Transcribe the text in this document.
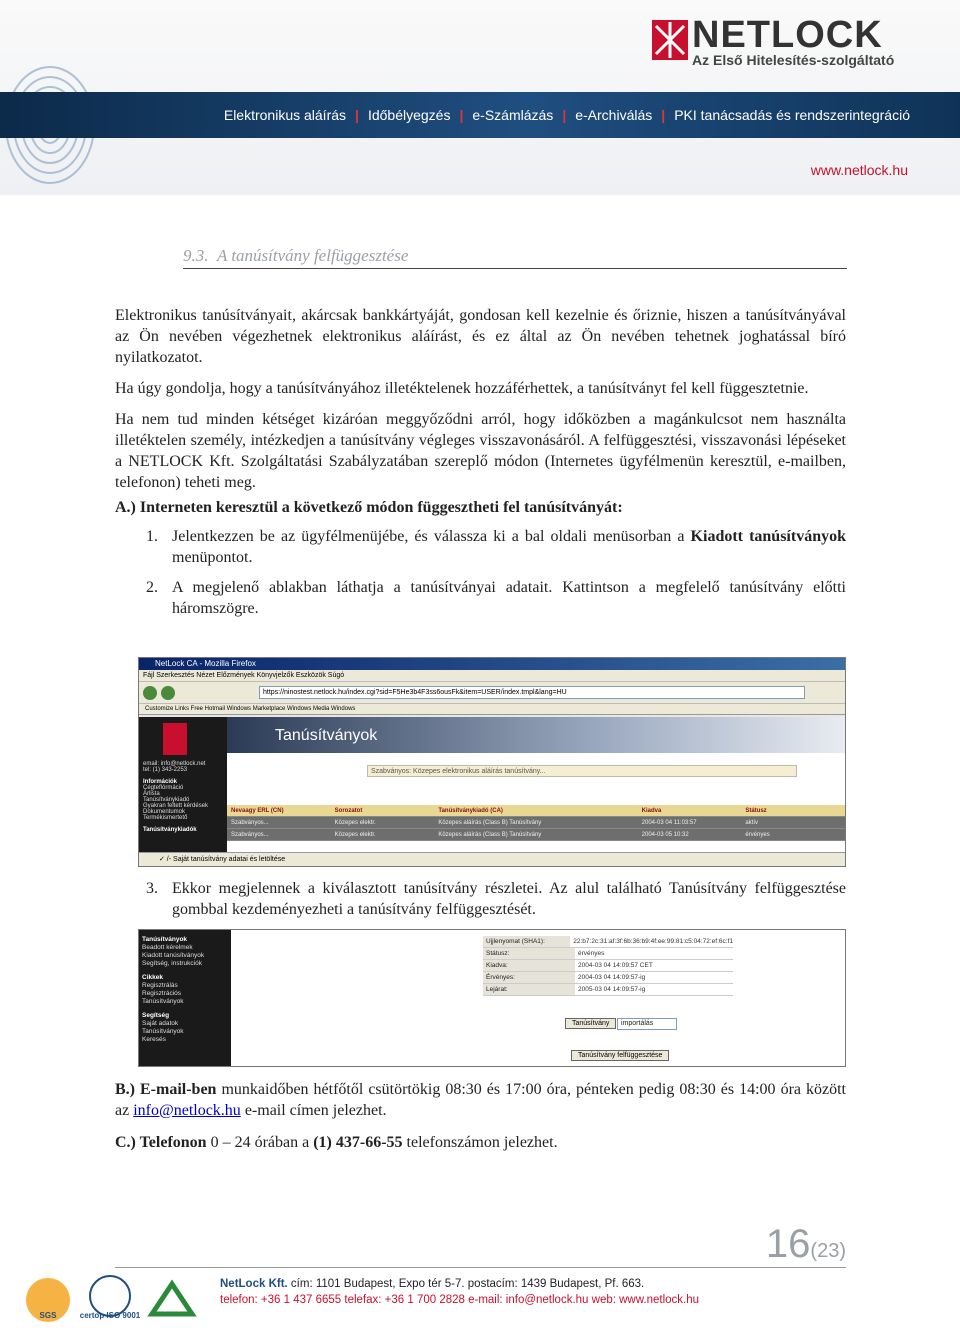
NETLOCK
Az Első Hitelesítés-szolgáltató
Elektronikus aláírás | Időbélyegzés | e-Számlázás | e-Archiválás | PKI tanácsadás és rendszerintegráció
www.netlock.hu
9.3. A tanúsítvány felfüggesztése

Elektronikus tanúsítványait, akárcsak bankkártyáját, gondosan kell kezelnie és őriznie, hiszen a tanúsítványával az Ön nevében végezhetnek elektronikus aláírást, és ez által az Ön nevében tehetnek joghatással bíró nyilatkozatot.

Ha úgy gondolja, hogy a tanúsítványához illetéktelenek hozzáférhettek, a tanúsítványt fel kell függesztetnie.

Ha nem tud minden kétséget kizáróan meggyőződni arról, hogy időközben a magánkulcsot nem használta illetéktelen személy, intézkedjen a tanúsítvány végleges visszavonásáról. A felfüggesztési, visszavonási lépéseket a NETLOCK Kft. Szolgáltatási Szabályzatában szereplő módon (Internetes ügyfélmenün keresztül, e-mailben, telefonon) teheti meg.

A.) Interneten keresztül a következő módon függesztheti fel tanúsítványát:
1. Jelentkezzen be az ügyfélmenüjébe, és válassza ki a bal oldali menüsorban a Kiadott tanúsítványok menüpontot.
2. A megjelenő ablakban láthatja a tanúsítványai adatait. Kattintson a megfelelő tanúsítvány előtti háromszögre.
NetLock CA - Mozilla Firefox
Fájl Szerkesztés Nézet Előzmények Könyvjelzők Eszközök Súgó
https://ninostest.netlock.hu/index.cgi?sid=F5He3b4F3ss6ousFk&item=USER/index.tmpl&lang=HU
Customize Links Free Hotmail Windows Marketplace Windows Media Windows
email: info@netlock.net
tel: (1) 343-2253
Információk
Cégteflórmáció
Árlista
Tanúsítványkiadó
Gyakran feltett kérdések
Dokumentumok
Termékismertető
Tanúsítványkiadók
Tanúsítványok
Szabványos: Közepes elektronikus aláírás tanúsítvány...
Nevaagy ERL (CN)	Sorozatot	Tanúsítványkiadó (CA)	Kiadva	Státusz
Szabványos...	Közepes elektr.	Közepes aláírás (Class B) Tanúsítvány	2004-03 04 11:03:57	aktív
Szabványos...	Közepes elektr.	Közepes aláírás (Class B) Tanúsítvány	2004-03 05 10:32	érvényes
✓ /- Saját tanúsítvány adatai és letöltése
3. Ekkor megjelennek a kiválasztott tanúsítvány részletei. Az alul található Tanúsítvány felfüggesztése gombbal kezdeményezheti a tanúsítvány felfüggesztését.
Tanúsítványok
Beadott kérelmek
Kiadott tanúsítványok
Segítség, instrukciók
Cikkek
Regisztrálás
Regisztrációs
Tanúsítványok
Segítség
Saját adatok
Tanúsítványok
Keresés
Ujjlenyomat (SHA1):	22:b7:2c:31:af:3f:6b:36:b9:4f:ee:99:81:c5:04:72:ef:6c:f1
Státusz:	érvényes
Kiadva:	2004-03 04 14:09:57 CET
Érvényes:	2004-03 04 14:09:57-ig
Lejárat:	2005-03 04 14:09:57-ig
Tanúsítvány	importálás
Tanúsítvány felfüggesztése
B.) E-mail-ben munkaidőben hétfőtől csütörtökig 08:30 és 17:00 óra, pénteken pedig 08:30 és 14:00 óra között az info@netlock.hu e-mail címen jelezhet.
C.) Telefonon 0 – 24 órában a (1) 437-66-55 telefonszámon jelezhet.
16(23)
SGS	certop ISO 9001
NetLock Kft. cím: 1101 Budapest, Expo tér 5-7. postacím: 1439 Budapest, Pf. 663.
telefon: +36 1 437 6655 telefax: +36 1 700 2828 e-mail: info@netlock.hu web: www.netlock.hu
